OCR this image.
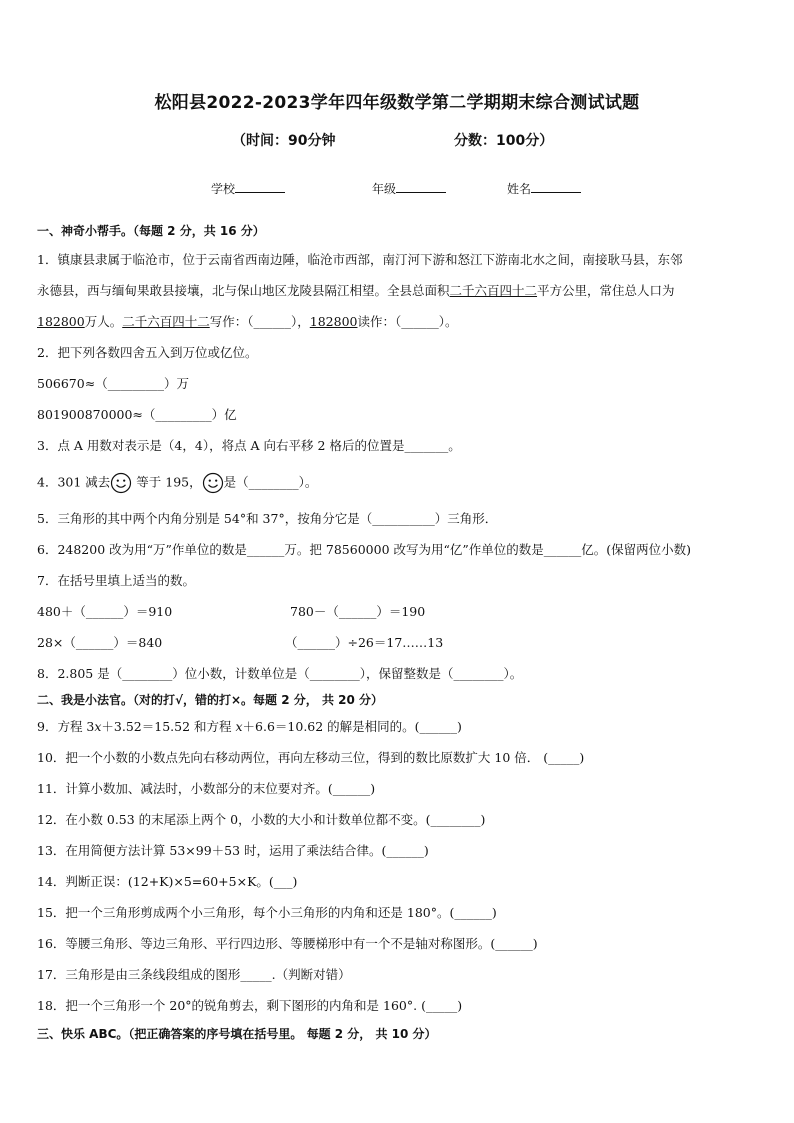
松阳县2022-2023学年四年级数学第二学期期末综合测试试题
（时间：90分钟	分数：100分）
学校	年级	姓名
一、神奇小帮手。（每题 2 分，共 16 分）
1．镇康县隶属于临沧市，位于云南省西南边陲，临沧市西部，南汀河下游和怒江下游南北水之间，南接耿马县，东邻
永德县，西与缅甸果敢县接壤，北与保山地区龙陵县隔江相望。全县总面积二千六百四十二平方公里，常住总人口为
182800万人。二千六百四十二写作：（______），182800读作：（______）。
2．把下列各数四舍五入到万位或亿位。
506670≈（_________）万
801900870000≈（_________）亿
3．点 A 用数对表示是（4，4），将点 A 向右平移 2 格后的位置是_______。
4．301 减去 等于 195， 是（________）。
5．三角形的其中两个内角分别是 54°和 37°，按角分它是（__________）三角形．
6．248200 改为用“万”作单位的数是______万。把 78560000 改写为用“亿”作单位的数是______亿。(保留两位小数)
7．在括号里填上适当的数。
480＋（______）＝910	780－（______）＝190
28×（______）＝840	（______）÷26＝17……13
8．2.805 是（________）位小数，计数单位是（________），保留整数是（________）。
二、我是小法官。（对的打√，错的打×。每题 2 分， 共 20 分）
9．方程 3𝑥＋3.52＝15.52 和方程 𝑥＋6.6＝10.62 的解是相同的。(______)
10．把一个小数的小数点先向右移动两位，再向左移动三位，得到的数比原数扩大 10 倍． (_____)
11．计算小数加、减法时，小数部分的末位要对齐。(______)
12．在小数 0.53 的末尾添上两个 0，小数的大小和计数单位都不变。(________)
13．在用简便方法计算 53×99＋53 时，运用了乘法结合律。(______)
14．判断正误：(12+K)×5=60+5×K。(___)
15．把一个三角形剪成两个小三角形，每个小三角形的内角和还是 180°。(______)
16．等腰三角形、等边三角形、平行四边形、等腰梯形中有一个不是轴对称图形。(______)
17．三角形是由三条线段组成的图形_____.（判断对错）
18．把一个三角形一个 20°的锐角剪去，剩下图形的内角和是 160°. (_____)
三、快乐 ABC。（把正确答案的序号填在括号里。 每题 2 分， 共 10 分）
